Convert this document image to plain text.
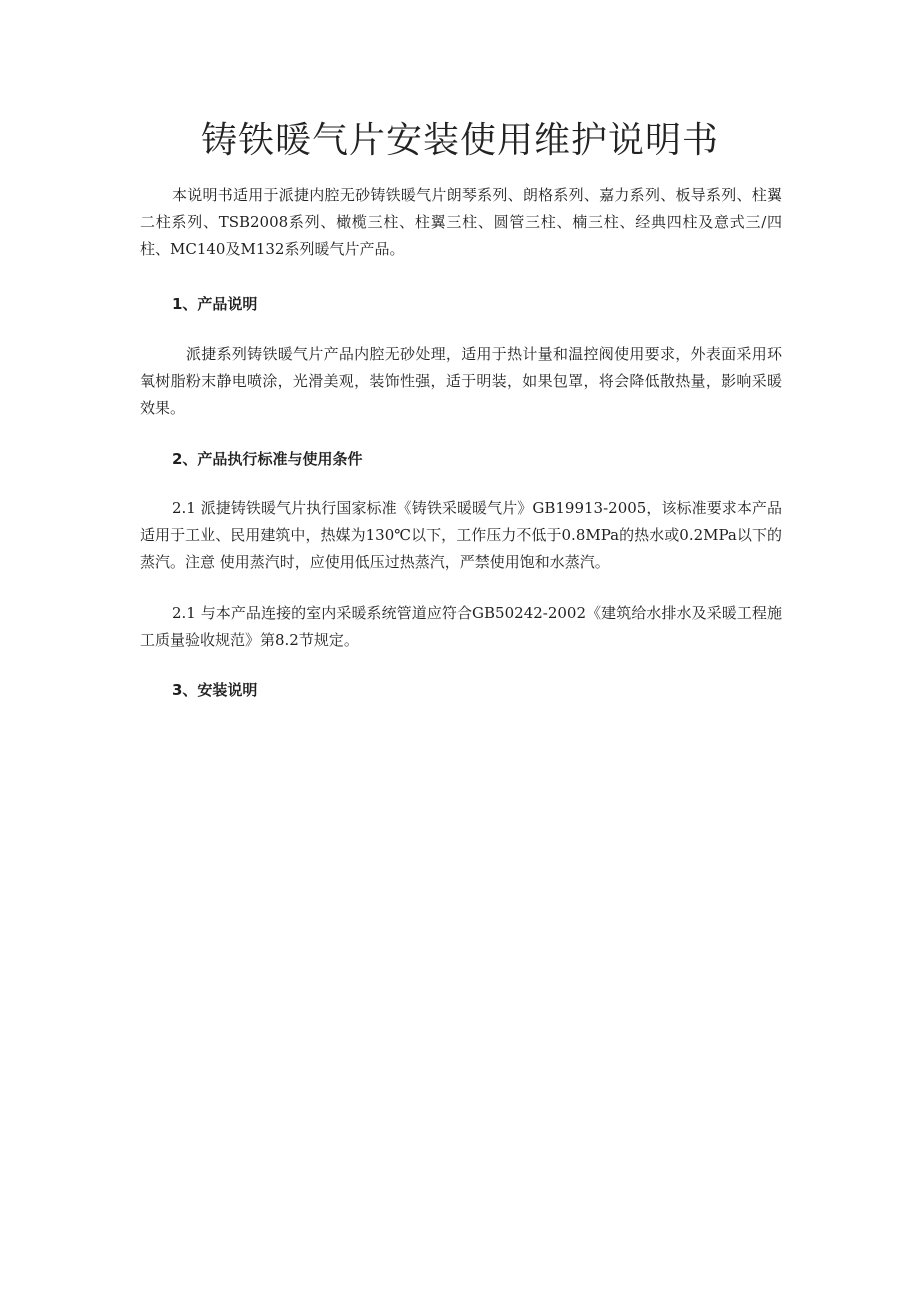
铸铁暖气片安装使用维护说明书

本说明书适用于派捷内腔无砂铸铁暖气片朗琴系列、朗格系列、嘉力系列、板导系列、柱翼二柱系列、TSB2008系列、橄榄三柱、柱翼三柱、圆管三柱、楠三柱、经典四柱及意式三/四柱、MC140及M132系列暖气片产品。

1、产品说明

派捷系列铸铁暖气片产品内腔无砂处理，适用于热计量和温控阀使用要求，外表面采用环氧树脂粉末静电喷涂，光滑美观，装饰性强，适于明装，如果包罩，将会降低散热量，影响采暖效果。

2、产品执行标准与使用条件

2.1 派捷铸铁暖气片执行国家标准《铸铁采暖暖气片》GB19913-2005，该标准要求本产品适用于工业、民用建筑中，热媒为130℃以下，工作压力不低于0.8MPa的热水或0.2MPa以下的蒸汽。注意 使用蒸汽时，应使用低压过热蒸汽，严禁使用饱和水蒸汽。

2.1 与本产品连接的室内采暖系统管道应符合GB50242-2002《建筑给水排水及采暖工程施工质量验收规范》第8.2节规定。

3、安装说明
